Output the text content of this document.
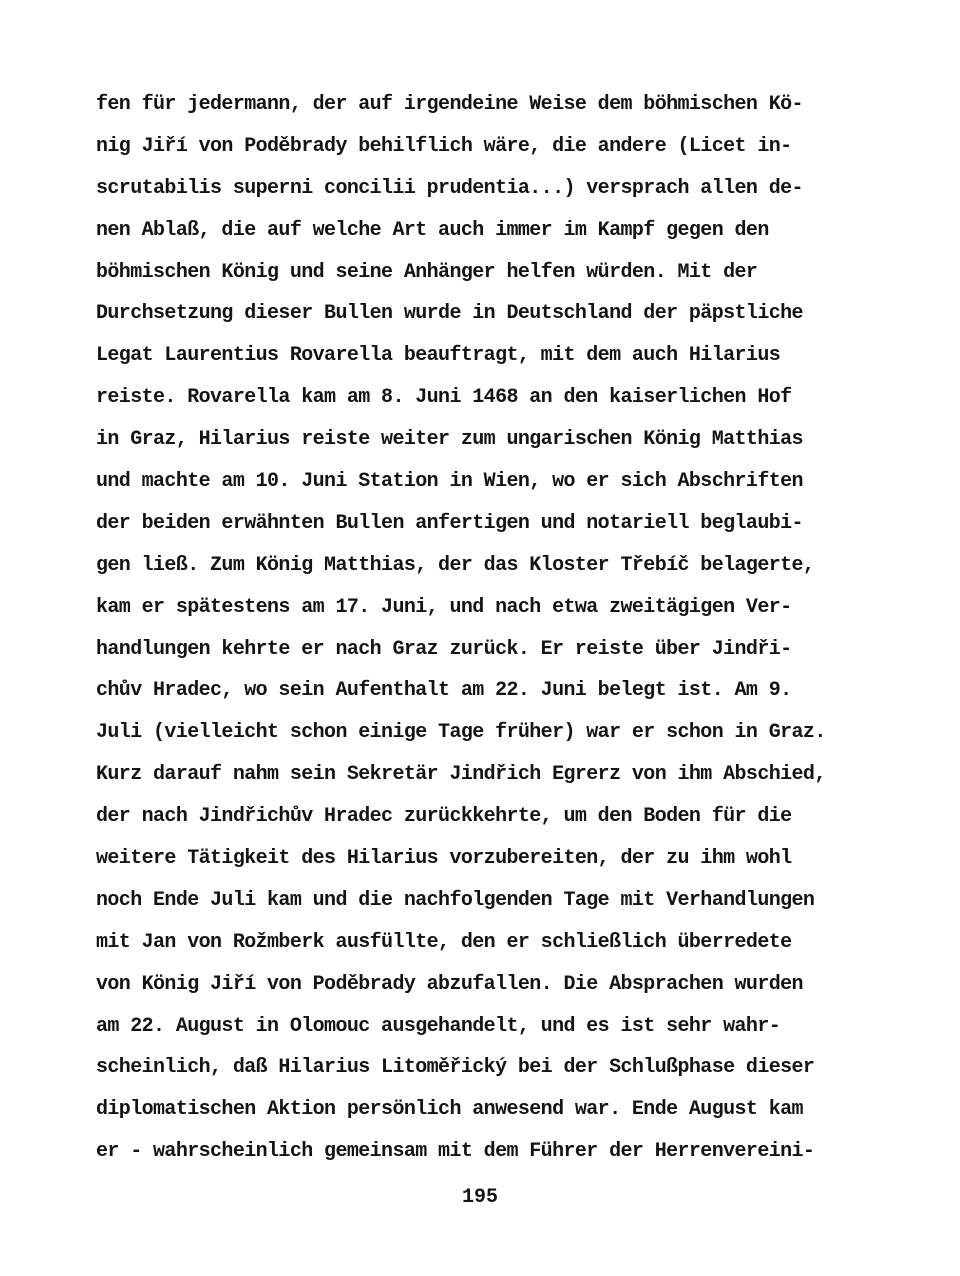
fen für jedermann, der auf irgendeine Weise dem böhmischen Kö-
nig Jiří von Poděbrady behilflich wäre, die andere (Licet in-
scrutabilis superni concilii prudentia...) versprach allen de-
nen Ablaß, die auf welche Art auch immer im Kampf gegen den
böhmischen König und seine Anhänger helfen würden. Mit der
Durchsetzung dieser Bullen wurde in Deutschland der päpstliche
Legat Laurentius Rovarella beauftragt, mit dem auch Hilarius
reiste. Rovarella kam am 8. Juni 1468 an den kaiserlichen Hof
in Graz, Hilarius reiste weiter zum ungarischen König Matthias
und machte am 10. Juni Station in Wien, wo er sich Abschriften
der beiden erwähnten Bullen anfertigen und notariell beglaubi-
gen ließ. Zum König Matthias, der das Kloster Třebíč belagerte,
kam er spätestens am 17. Juni, und nach etwa zweitägigen Ver-
handlungen kehrte er nach Graz zurück. Er reiste über Jindři-
chův Hradec, wo sein Aufenthalt am 22. Juni belegt ist. Am 9.
Juli (vielleicht schon einige Tage früher) war er schon in Graz.
Kurz darauf nahm sein Sekretär Jindřich Egrerz von ihm Abschied,
der nach Jindřichův Hradec zurückkehrte, um den Boden für die
weitere Tätigkeit des Hilarius vorzubereiten, der zu ihm wohl
noch Ende Juli kam und die nachfolgenden Tage mit Verhandlungen
mit Jan von Rožmberk ausfüllte, den er schließlich überredete
von König Jiří von Poděbrady abzufallen. Die Absprachen wurden
am 22. August in Olomouc ausgehandelt, und es ist sehr wahr-
scheinlich, daß Hilarius Litoměřický bei der Schlußphase dieser
diplomatischen Aktion persönlich anwesend war. Ende August kam
er - wahrscheinlich gemeinsam mit dem Führer der Herrenvereini-
195
